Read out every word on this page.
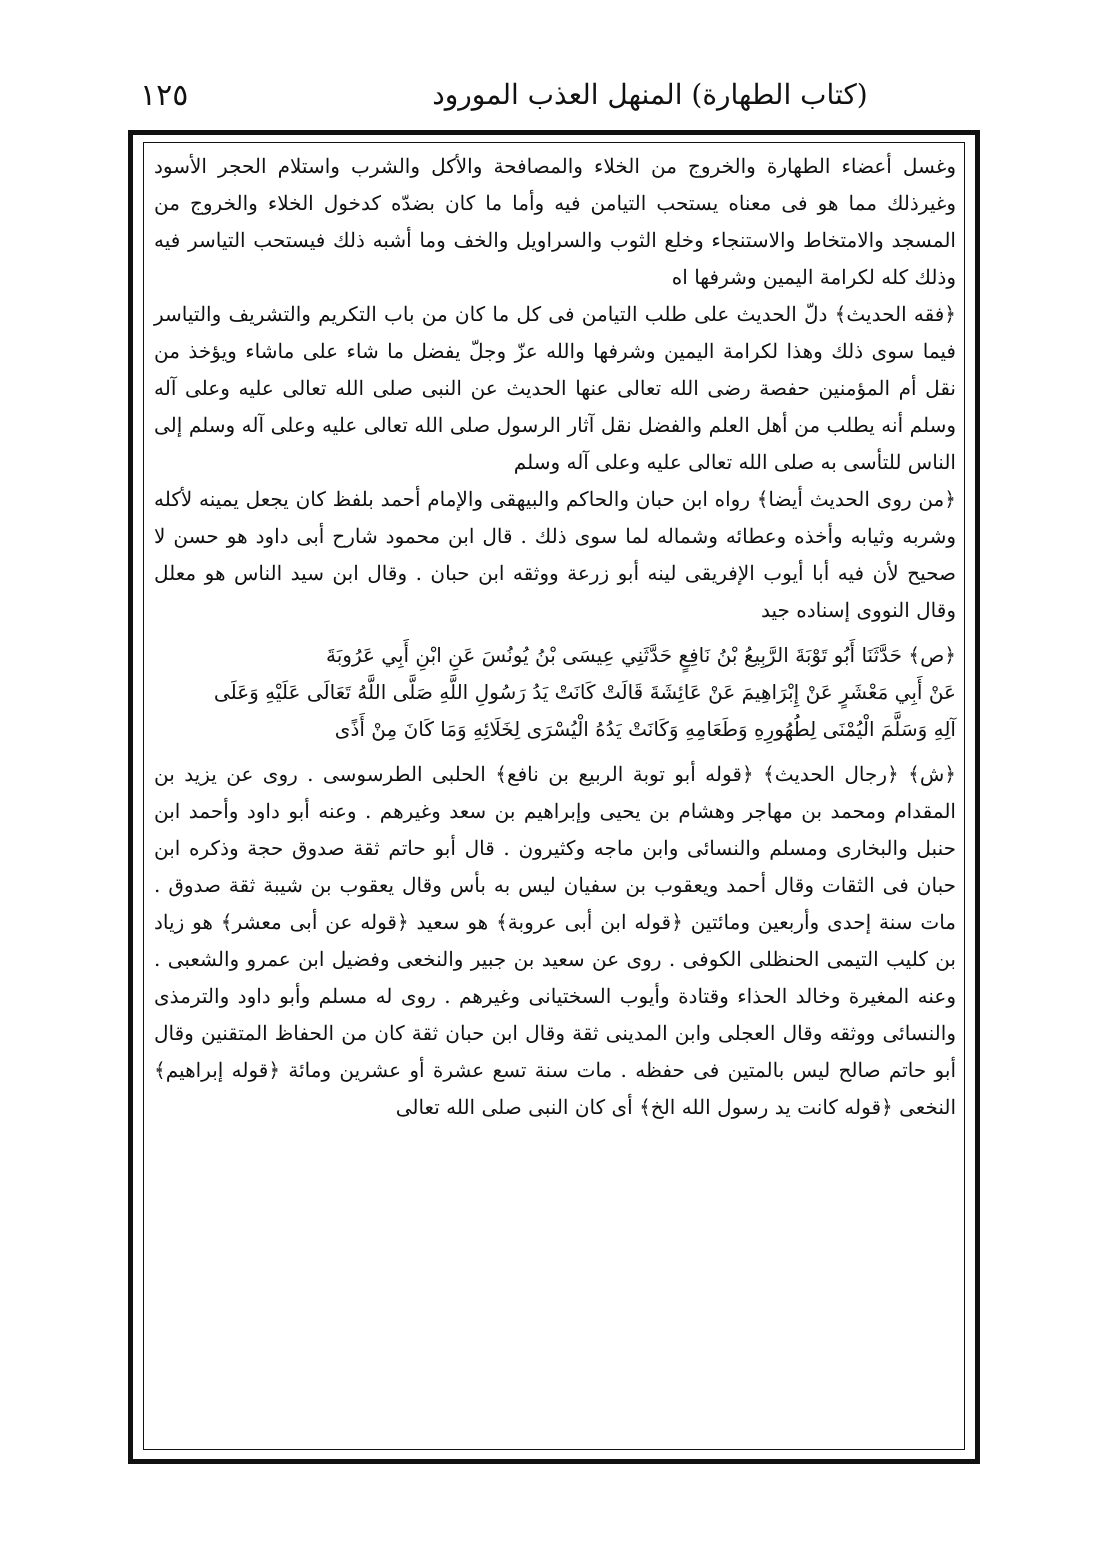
(كتاب الطهارة) المنهل العذب المورود
١٢٥

وغسل أعضاء الطهارة والخروج من الخلاء والمصافحة والأكل والشرب واستلام الحجر الأسود وغيرذلك مما هو فى معناه يستحب التيامن فيه وأما ما كان بضدّه كدخول الخلاء والخروج من المسجد والامتخاط والاستنجاء وخلع الثوب والسراويل والخف وما أشبه ذلك فيستحب التياسر فيه وذلك كله لكرامة اليمين وشرفها اه

﴿فقه الحديث﴾ دلّ الحديث على طلب التيامن فى كل ما كان من باب التكريم والتشريف والتياسر فيما سوى ذلك وهذا لكرامة اليمين وشرفها والله عزّ وجلّ يفضل ما شاء على ماشاء ويؤخذ من نقل أم المؤمنين حفصة رضى الله تعالى عنها الحديث عن النبى صلى الله تعالى عليه وعلى آله وسلم أنه يطلب من أهل العلم والفضل نقل آثار الرسول صلى الله تعالى عليه وعلى آله وسلم إلى الناس للتأسى به صلى الله تعالى عليه وعلى آله وسلم

﴿من روى الحديث أيضا﴾ رواه ابن حبان والحاكم والبيهقى والإمام أحمد بلفظ كان يجعل يمينه لأكله وشربه وثيابه وأخذه وعطائه وشماله لما سوى ذلك . قال ابن محمود شارح أبى داود هو حسن لا صحيح لأن فيه أبا أيوب الإفريقى لينه أبو زرعة ووثقه ابن حبان . وقال ابن سيد الناس هو معلل وقال النووى إسناده جيد

﴿ص﴾ حَدَّثَنَا أَبُو تَوْبَةَ الرَّبِيعُ بْنُ نَافِعٍ حَدَّثَنِي عِيسَى بْنُ يُونُسَ عَنِ ابْنِ أَبِي عَرُوبَةَ

عَنْ أَبِي مَعْشَرٍ عَنْ إِبْرَاهِيمَ عَنْ عَائِشَةَ قَالَتْ كَانَتْ يَدُ رَسُولِ اللَّهِ صَلَّى اللَّهُ تَعَالَى عَلَيْهِ وَعَلَى

آلِهِ وَسَلَّمَ الْيُمْنَى لِطُهُورِهِ وَطَعَامِهِ وَكَانَتْ يَدُهُ الْيُسْرَى لِخَلَائِهِ وَمَا كَانَ مِنْ أَذًى

﴿ش﴾ ﴿رجال الحديث﴾ ﴿قوله أبو توبة الربيع بن نافع﴾ الحلبى الطرسوسى . روى عن يزيد بن المقدام ومحمد بن مهاجر وهشام بن يحيى وإبراهيم بن سعد وغيرهم . وعنه أبو داود وأحمد ابن حنبل والبخارى ومسلم والنسائى وابن ماجه وكثيرون . قال أبو حاتم ثقة صدوق حجة وذكره ابن حبان فى الثقات وقال أحمد ويعقوب بن سفيان ليس به بأس وقال يعقوب بن شيبة ثقة صدوق . مات سنة إحدى وأربعين ومائتين ﴿قوله ابن أبى عروبة﴾ هو سعيد ﴿قوله عن أبى معشر﴾ هو زياد بن كليب التيمى الحنظلى الكوفى . روى عن سعيد بن جبير والنخعى وفضيل ابن عمرو والشعبى . وعنه المغيرة وخالد الحذاء وقتادة وأيوب السختيانى وغيرهم . روى له مسلم وأبو داود والترمذى والنسائى ووثقه وقال العجلى وابن المدينى ثقة وقال ابن حبان ثقة كان من الحفاظ المتقنين وقال أبو حاتم صالح ليس بالمتين فى حفظه . مات سنة تسع عشرة أو عشرين ومائة ﴿قوله إبراهيم﴾ النخعى ﴿قوله كانت يد رسول الله الخ﴾ أى كان النبى صلى الله تعالى
